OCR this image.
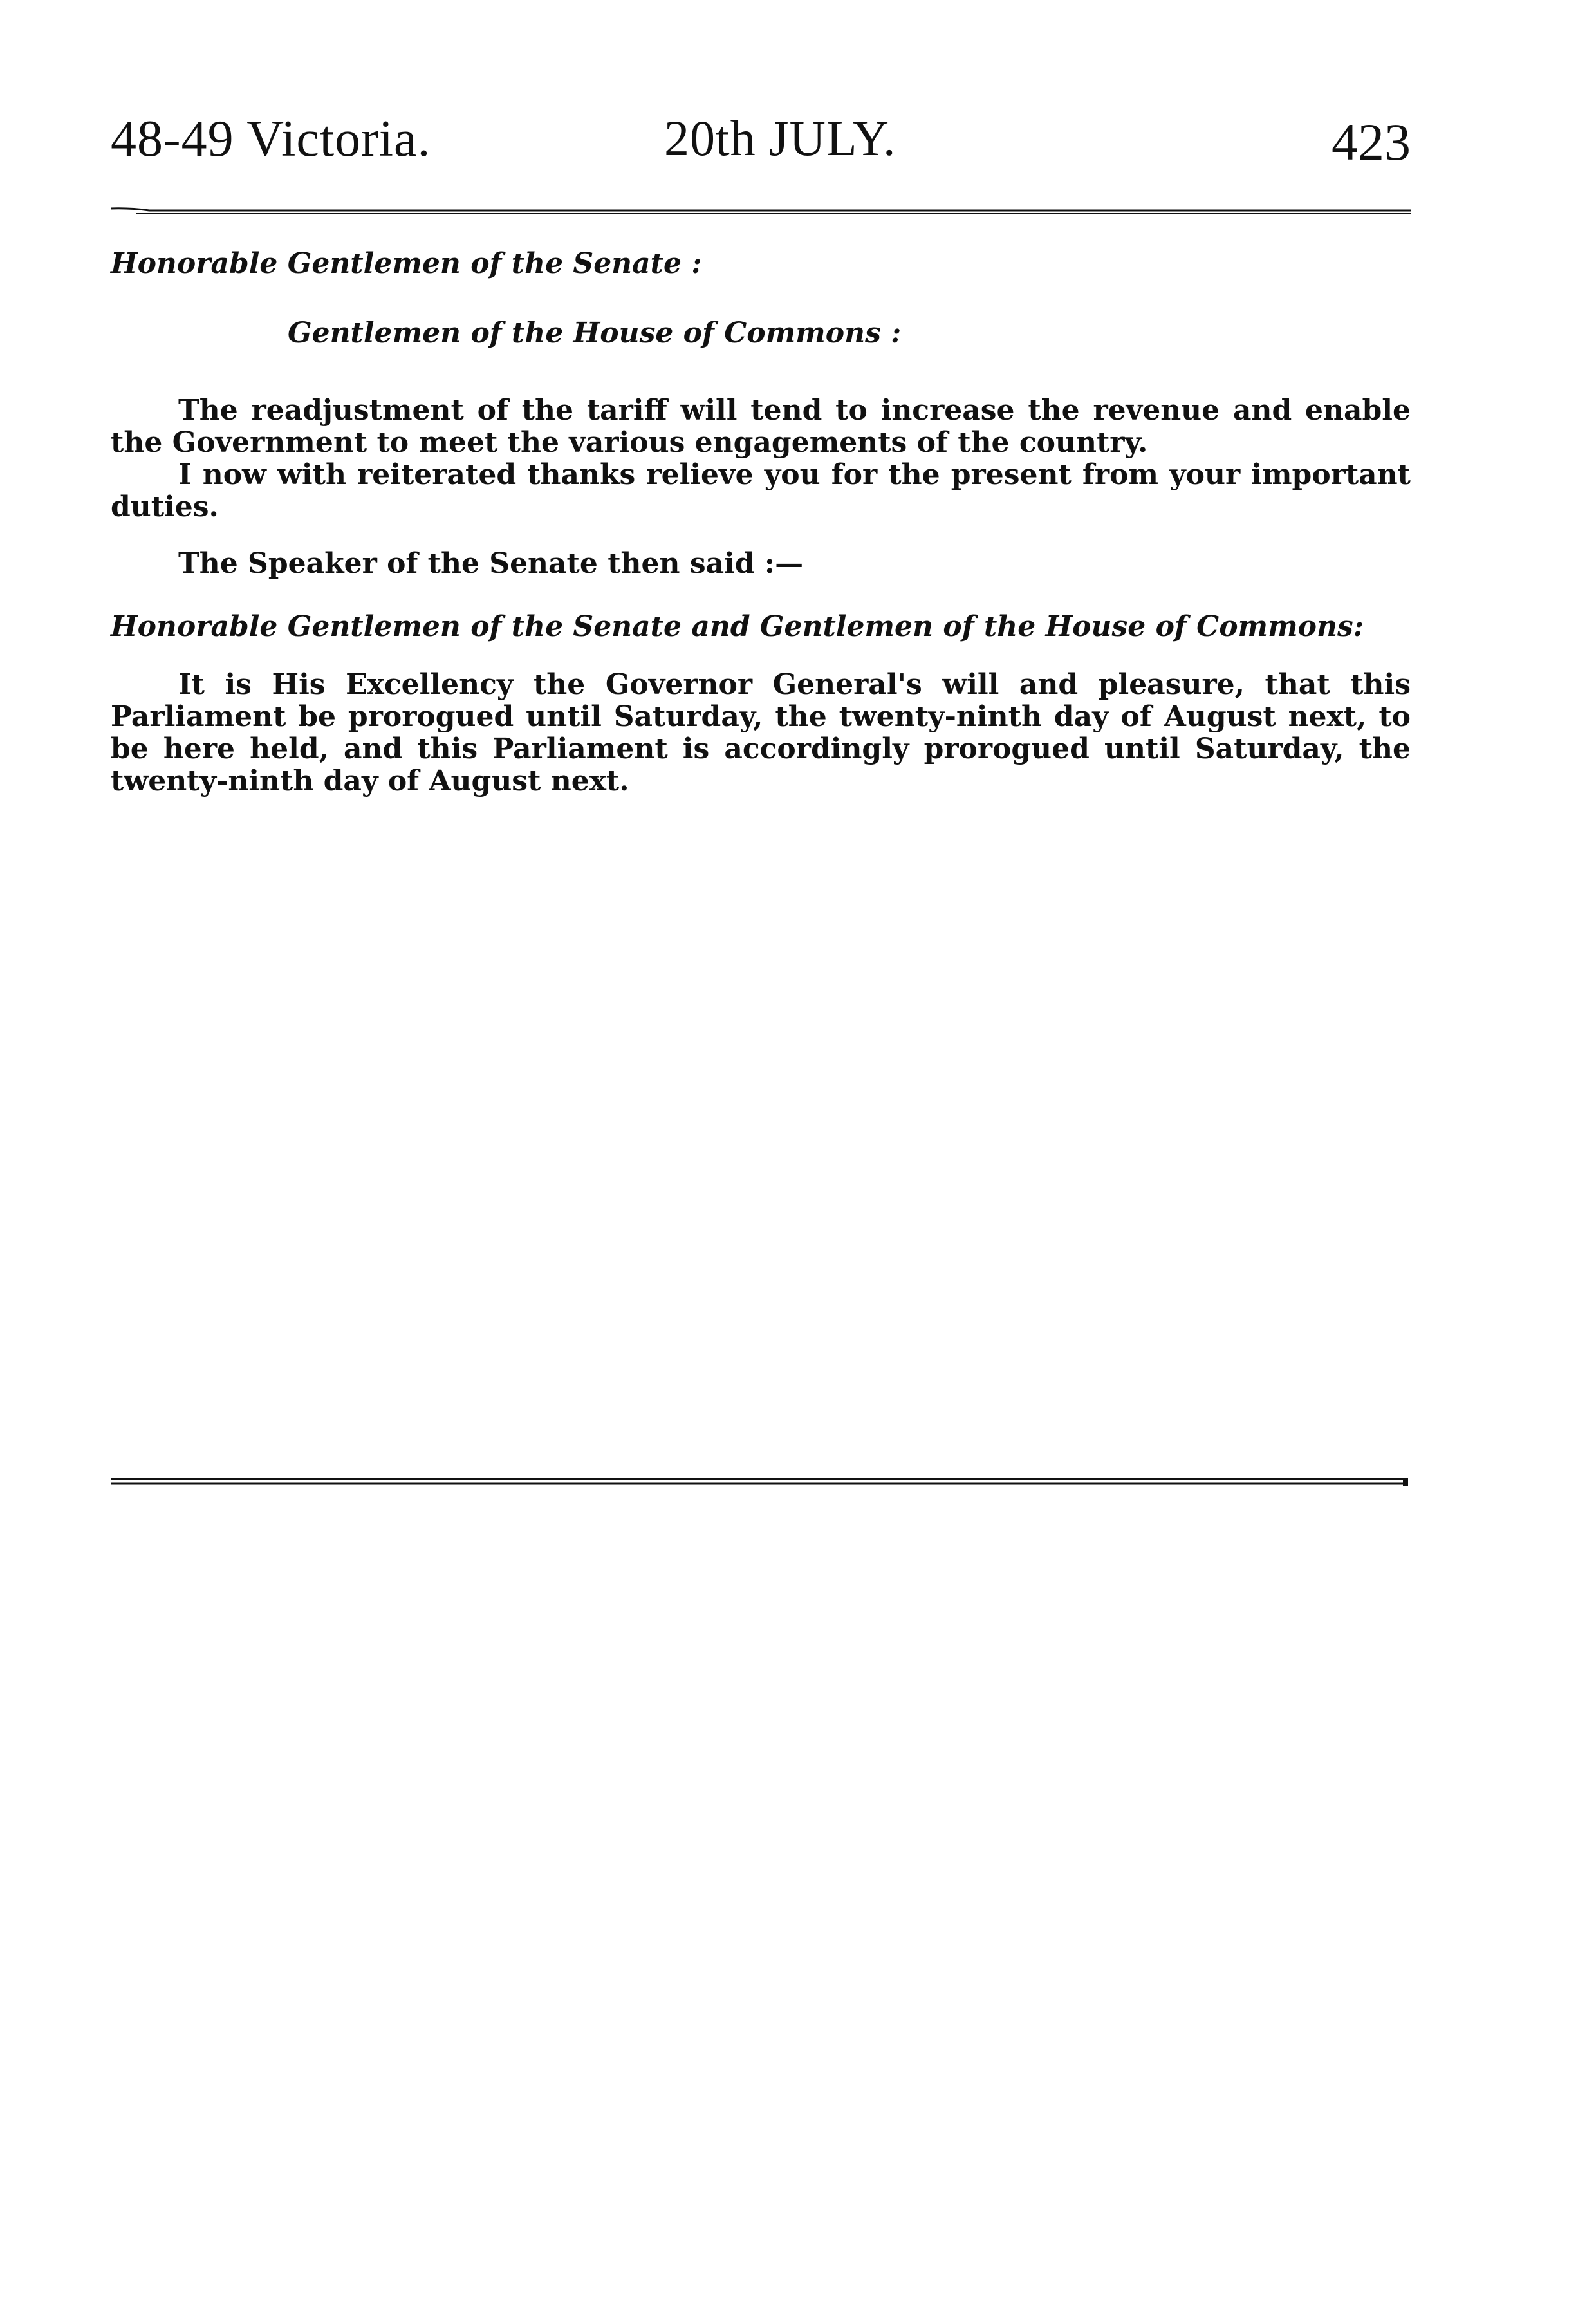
48-49 Victoria.	20th JULY.	423

Honorable Gentlemen of the Senate :

Gentlemen of the House of Commons :

The readjustment of the tariff will tend to increase the revenue and enable the Government to meet the various engagements of the country.

I now with reiterated thanks relieve you for the present from your important duties.

The Speaker of the Senate then said :—

Honorable Gentlemen of the Senate and Gentlemen of the House of Commons:

It is His Excellency the Governor General's will and pleasure, that this Parliament be prorogued until Saturday, the twenty-ninth day of August next, to be here held, and this Parliament is accordingly prorogued until Saturday, the twenty-ninth day of August next.
